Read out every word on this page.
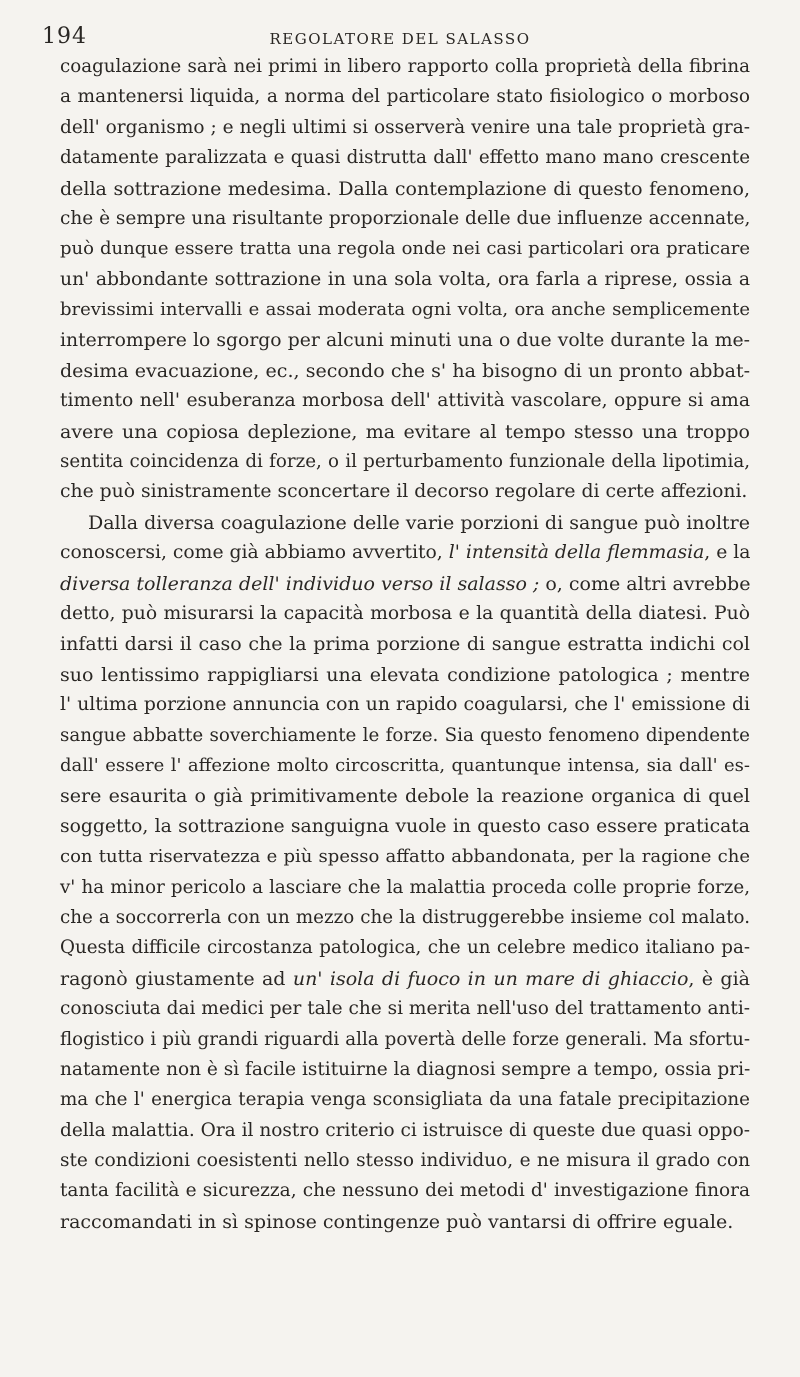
194	REGOLATORE DEL SALASSO
coagulazione sarà nei primi in libero rapporto colla proprietà della fibrina
a mantenersi liquida, a norma del particolare stato fisiologico o morboso
dell' organismo ; e negli ultimi si osserverà venire una tale proprietà gra-
datamente paralizzata e quasi distrutta dall' effetto mano mano crescente
della sottrazione medesima. Dalla contemplazione di questo fenomeno,
che è sempre una risultante proporzionale delle due influenze accennate,
può dunque essere tratta una regola onde nei casi particolari ora praticare
un' abbondante sottrazione in una sola volta, ora farla a riprese, ossia a
brevissimi intervalli e assai moderata ogni volta, ora anche semplicemente
interrompere lo sgorgo per alcuni minuti una o due volte durante la me-
desima evacuazione, ec., secondo che s' ha bisogno di un pronto abbat-
timento nell' esuberanza morbosa dell' attività vascolare, oppure si ama
avere una copiosa deplezione, ma evitare al tempo stesso una troppo
sentita coincidenza di forze, o il perturbamento funzionale della lipotimia,
che può sinistramente sconcertare il decorso regolare di certe affezioni.
Dalla diversa coagulazione delle varie porzioni di sangue può inoltre
conoscersi, come già abbiamo avvertito, l' intensità della flemmasia, e la
diversa tolleranza dell' individuo verso il salasso ; o, come altri avrebbe
detto, può misurarsi la capacità morbosa e la quantità della diatesi. Può
infatti darsi il caso che la prima porzione di sangue estratta indichi col
suo lentissimo rappigliarsi una elevata condizione patologica ; mentre
l' ultima porzione annuncia con un rapido coagularsi, che l' emissione di
sangue abbatte soverchiamente le forze. Sia questo fenomeno dipendente
dall' essere l' affezione molto circoscritta, quantunque intensa, sia dall' es-
sere esaurita o già primitivamente debole la reazione organica di quel
soggetto, la sottrazione sanguigna vuole in questo caso essere praticata
con tutta riservatezza e più spesso affatto abbandonata, per la ragione che
v' ha minor pericolo a lasciare che la malattia proceda colle proprie forze,
che a soccorrerla con un mezzo che la distruggerebbe insieme col malato.
Questa difficile circostanza patologica, che un celebre medico italiano pa-
ragonò giustamente ad un' isola di fuoco in un mare di ghiaccio, è già
conosciuta dai medici per tale che si merita nell'uso del trattamento anti-
flogistico i più grandi riguardi alla povertà delle forze generali. Ma sfortu-
natamente non è sì facile istituirne la diagnosi sempre a tempo, ossia pri-
ma che l' energica terapia venga sconsigliata da una fatale precipitazione
della malattia. Ora il nostro criterio ci istruisce di queste due quasi oppo-
ste condizioni coesistenti nello stesso individuo, e ne misura il grado con
tanta facilità e sicurezza, che nessuno dei metodi d' investigazione finora
raccomandati in sì spinose contingenze può vantarsi di offrire eguale.
